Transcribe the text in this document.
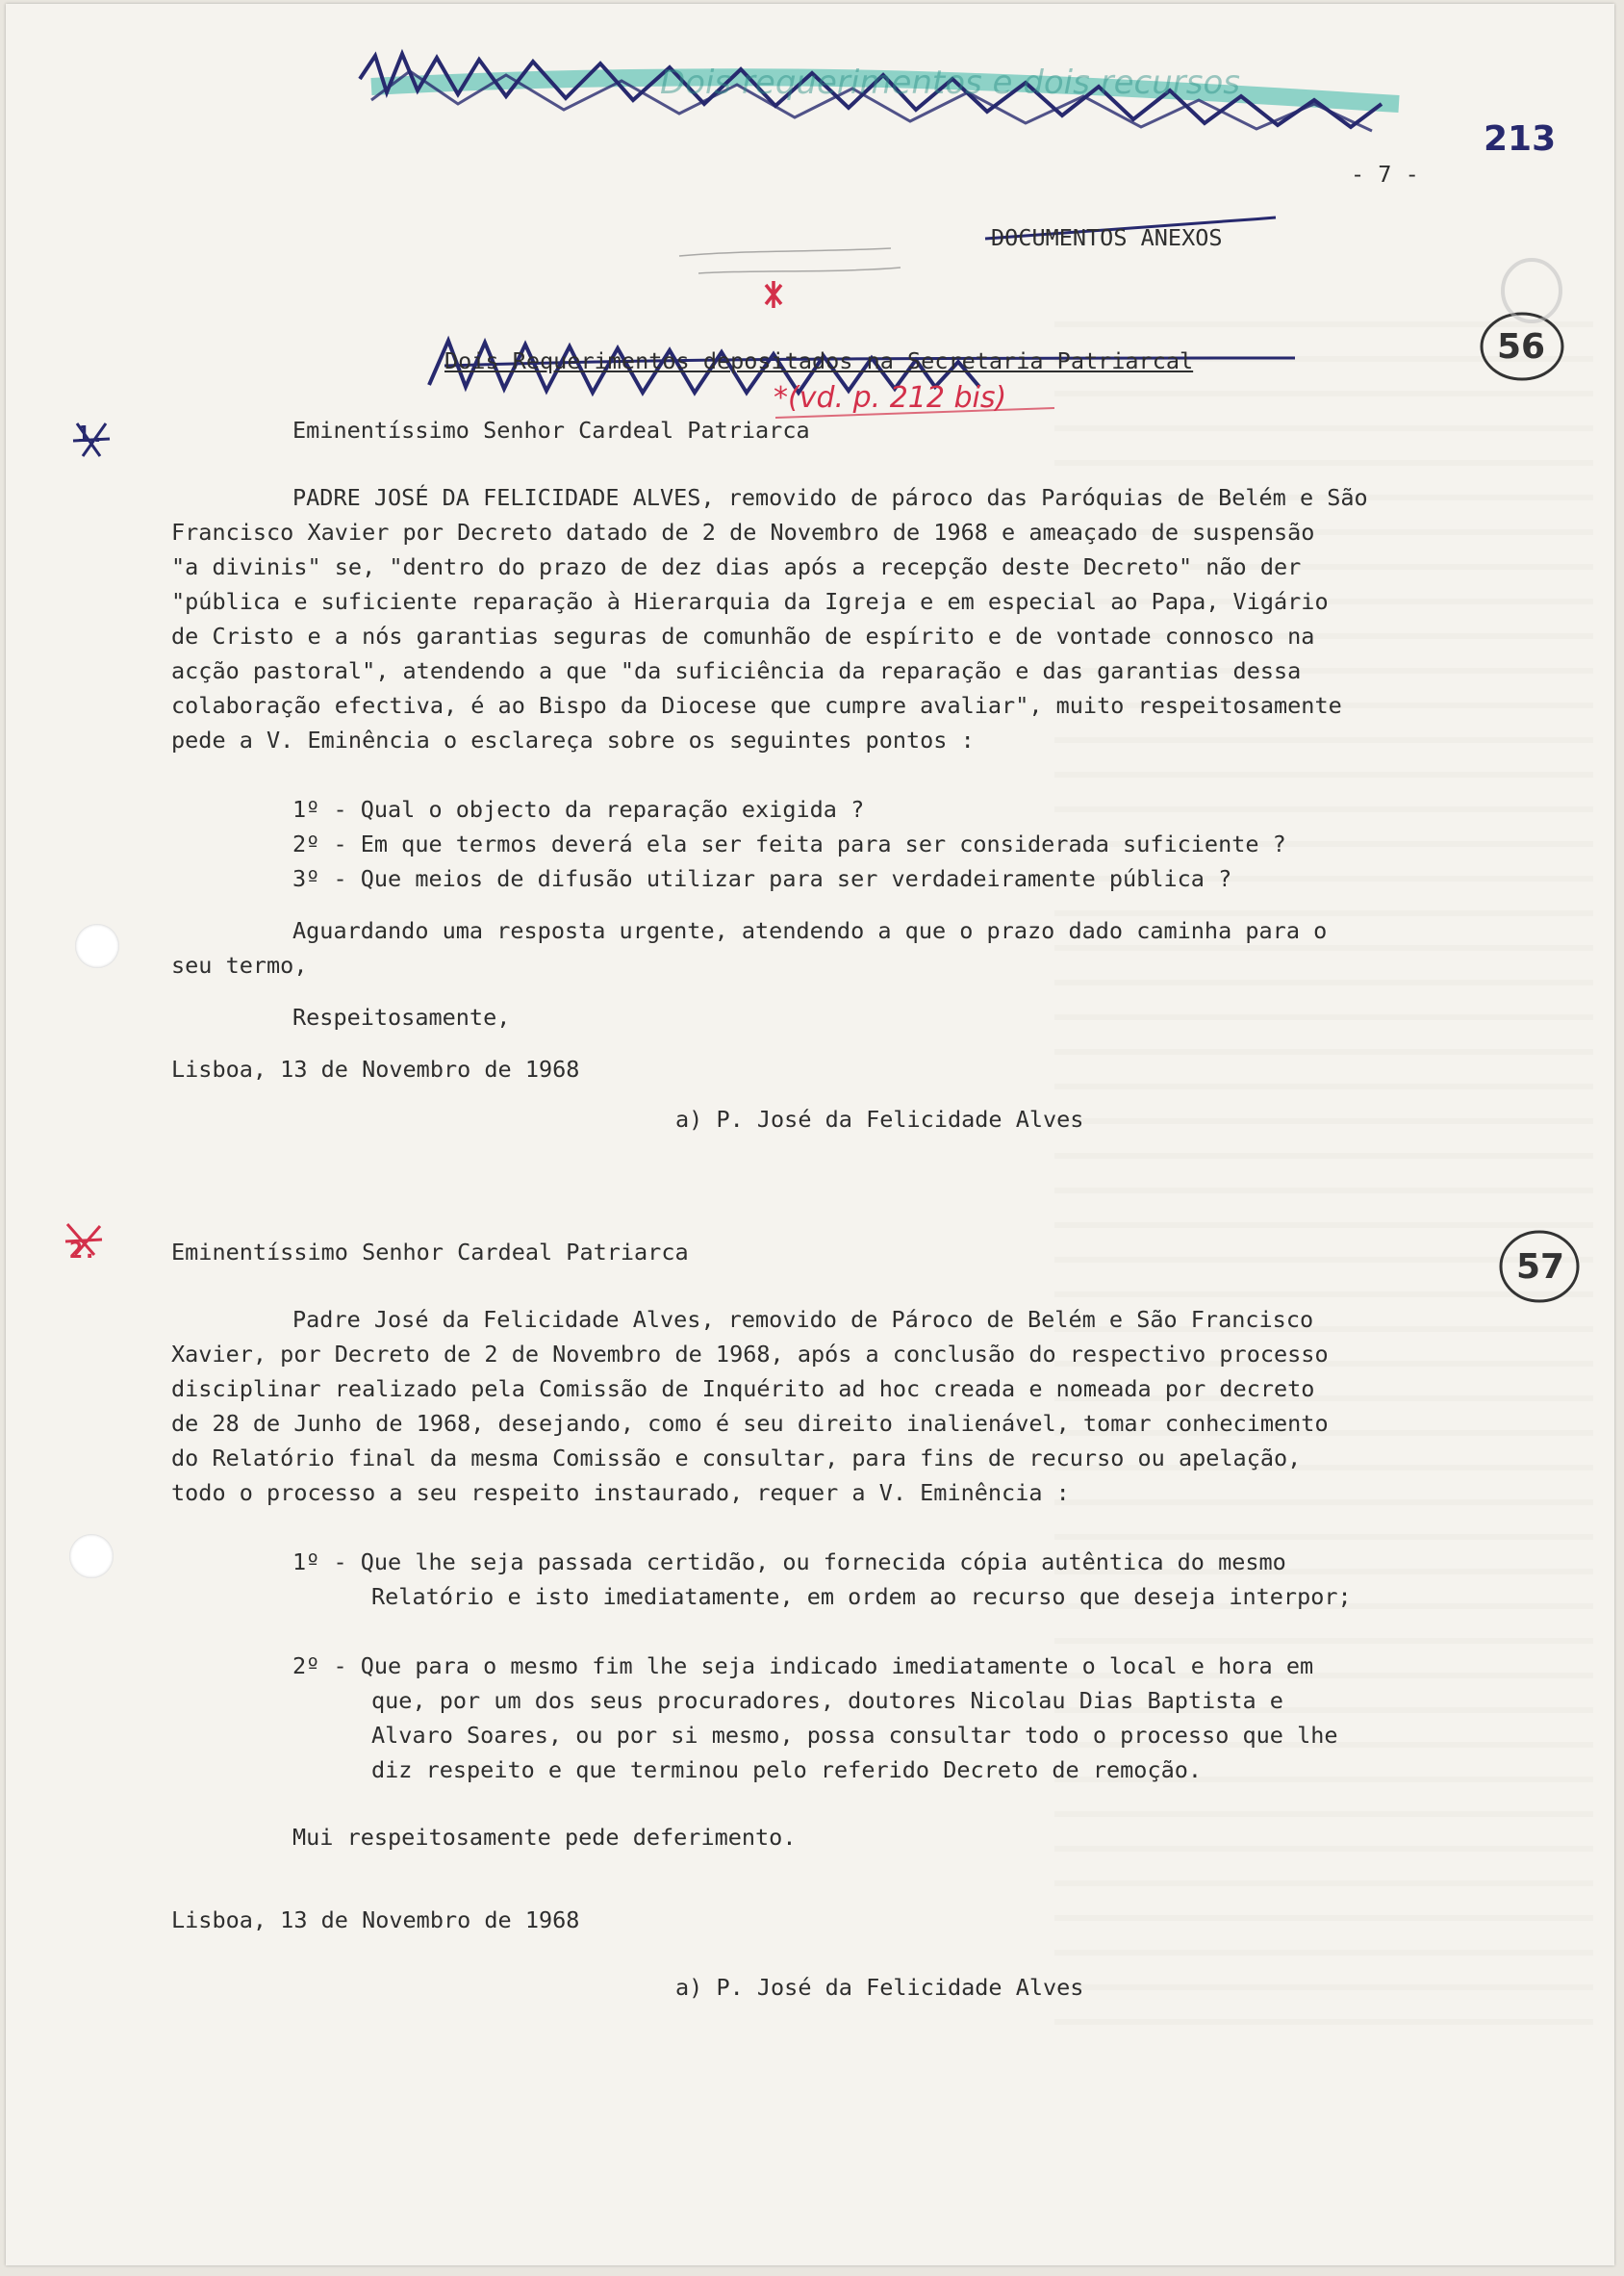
Dois requerimentos e dois recursos
213
*(vd. p. 212 bis)
56
57
- 7 -
DOCUMENTOS ANEXOS
Dois Requerimentos depositados na Secretaria Patriarcal
1.	Eminentíssimo Senhor Cardeal Patriarca
PADRE JOSÉ DA FELICIDADE ALVES, removido de pároco das Paróquias de Belém e São
Francisco Xavier por Decreto datado de 2 de Novembro de 1968 e ameaçado de suspensão
"a divinis" se, "dentro do prazo de dez dias após a recepção deste Decreto" não der
"pública e suficiente reparação à Hierarquia da Igreja e em especial ao Papa, Vigário
de Cristo e a nós garantias seguras de comunhão de espírito e de vontade connosco na
acção pastoral", atendendo a que "da suficiência da reparação e das garantias dessa
colaboração efectiva, é ao Bispo da Diocese que cumpre avaliar", muito respeitosamente
pede a V. Eminência o esclareça sobre os seguintes pontos :
1º - Qual o objecto da reparação exigida ?
2º - Em que termos deverá ela ser feita para ser considerada suficiente ?
3º - Que meios de difusão utilizar para ser verdadeiramente pública ?
Aguardando uma resposta urgente, atendendo a que o prazo dado caminha para o
seu termo,
Respeitosamente,
Lisboa, 13 de Novembro de 1968
a) P. José da Felicidade Alves
2.	Eminentíssimo Senhor Cardeal Patriarca
Padre José da Felicidade Alves, removido de Pároco de Belém e São Francisco
Xavier, por Decreto de 2 de Novembro de 1968, após a conclusão do respectivo processo
disciplinar realizado pela Comissão de Inquérito ad hoc creada e nomeada por decreto
de 28 de Junho de 1968, desejando, como é seu direito inalienável, tomar conhecimento
do Relatório final da mesma Comissão e consultar, para fins de recurso ou apelação,
todo o processo a seu respeito instaurado, requer a V. Eminência :
1º - Que lhe seja passada certidão, ou fornecida cópia autêntica do mesmo
Relatório e isto imediatamente, em ordem ao recurso que deseja interpor;
2º - Que para o mesmo fim lhe seja indicado imediatamente o local e hora em
que, por um dos seus procuradores, doutores Nicolau Dias Baptista e
Alvaro Soares, ou por si mesmo, possa consultar todo o processo que lhe
diz respeito e que terminou pelo referido Decreto de remoção.
Mui respeitosamente pede deferimento.
Lisboa, 13 de Novembro de 1968
a) P. José da Felicidade Alves
